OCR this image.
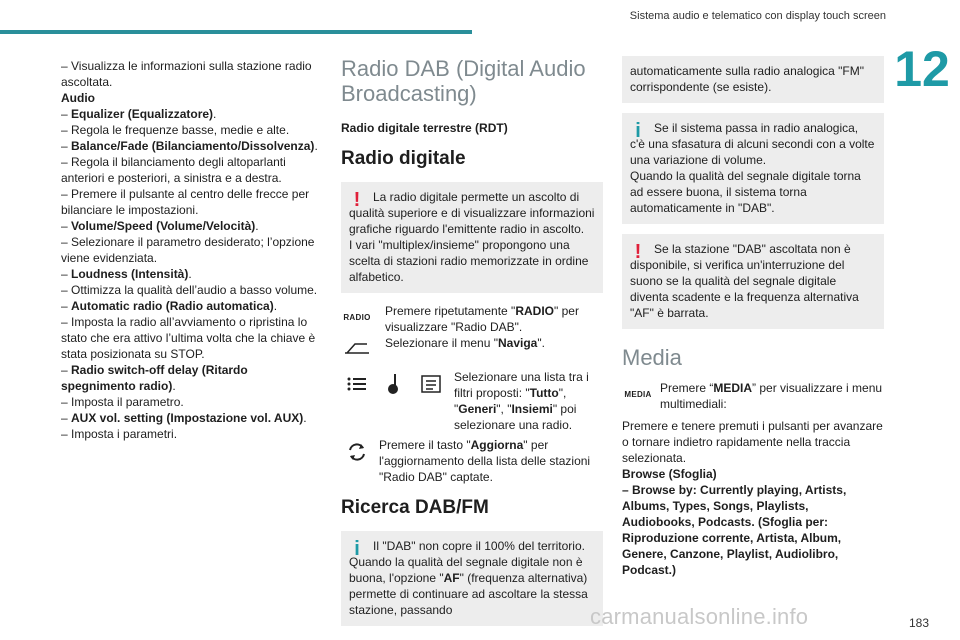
Sistema audio e telematico con display touch screen
12

– Visualizza le informazioni sulla stazione radio ascoltata.

Audio

– Equalizer (Equalizzatore).

– Regola le frequenze basse, medie e alte.

– Balance/Fade (Bilanciamento/Dissolvenza).

– Regola il bilanciamento degli altoparlanti anteriori e posteriori, a sinistra e a destra.

– Premere il pulsante al centro delle frecce per bilanciare le impostazioni.

– Volume/Speed (Volume/Velocità).

– Selezionare il parametro desiderato; l’opzione viene evidenziata.

– Loudness (Intensità).

– Ottimizza la qualità dell’audio a basso volume.

– Automatic radio (Radio automatica).

– Imposta la radio all’avviamento o ripristina lo stato che era attivo l’ultima volta che la chiave è stata posizionata su STOP.

– Radio switch-off delay (Ritardo spegnimento radio).

– Imposta il parametro.

– AUX vol. setting (Impostazione vol. AUX).

– Imposta i parametri.

Radio DAB (Digital Audio Broadcasting)
Radio digitale terrestre (RDT)
Radio digitale
!	La radio digitale permette un ascolto di qualità superiore e di visualizzare informazioni grafiche riguardo l'emittente radio in ascolto.
I vari "multiplex/insieme" propongono una scelta di stazioni radio memorizzate in ordine alfabetico.

RADIO Premere ripetutamente "RADIO" per visualizzare "Radio DAB".
Selezionare il menu "Naviga".

Selezionare una lista tra i filtri proposti: "Tutto", "Generi", "Insiemi" poi selezionare una radio.

Premere il tasto "Aggiorna" per l'aggiornamento della lista delle stazioni "Radio DAB" captate.

Ricerca DAB/FM
i	Il "DAB" non copre il 100% del territorio. Quando la qualità del segnale digitale non è buona, l'opzione "AF" (frequenza alternativa) permette di continuare ad ascoltare la stessa stazione, passando

automaticamente sulla radio analogica "FM" corrispondente (se esiste).

i	Se il sistema passa in radio analogica, c'è una sfasatura di alcuni secondi con a volte una variazione di volume.
Quando la qualità del segnale digitale torna ad essere buona, il sistema torna automaticamente in "DAB".

!	Se la stazione "DAB" ascoltata non è disponibile, si verifica un'interruzione del suono se la qualità del segnale digitale diventa scadente e la frequenza alternativa "AF" è barrata.

Media
MEDIA Premere “MEDIA” per visualizzare i menu multimediali:

Premere e tenere premuti i pulsanti per avanzare o tornare indietro rapidamente nella traccia selezionata.

Browse (Sfoglia)

– Browse by: Currently playing, Artists, Albums, Types, Songs, Playlists, Audiobooks, Podcasts. (Sfoglia per: Riproduzione corrente, Artista, Album, Genere, Canzone, Playlist, Audiolibro, Podcast.)

carmanualsonline.info	183
